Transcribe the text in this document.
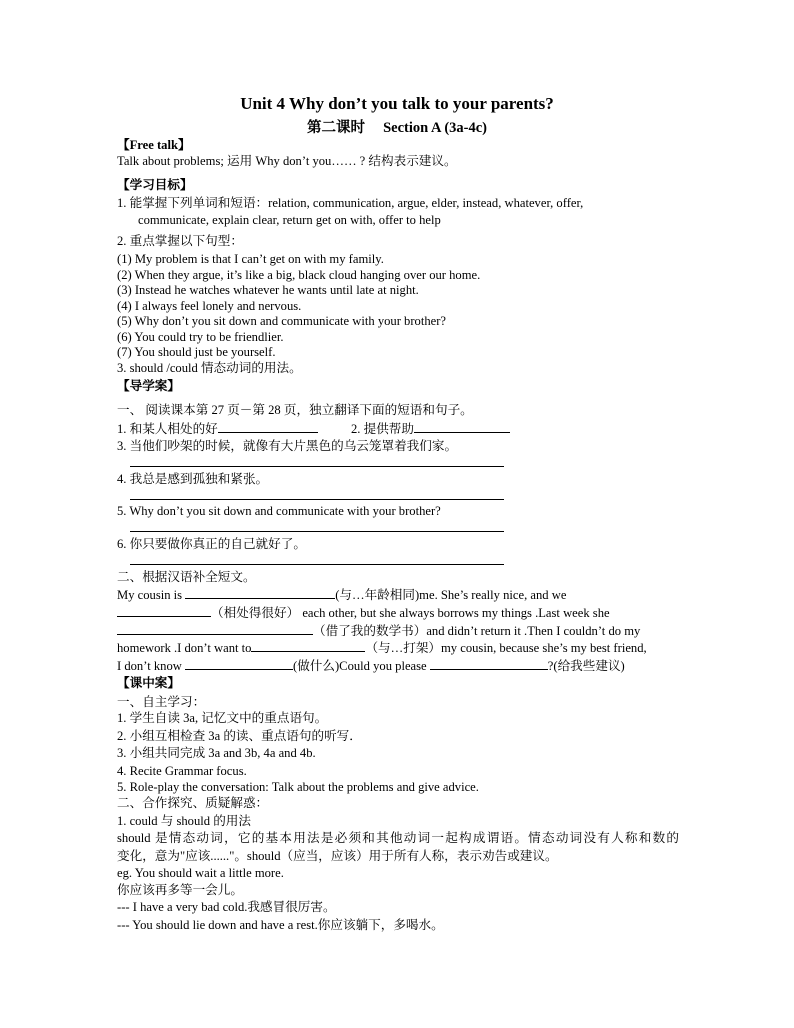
Unit 4 Why don’t you talk to your parents?
第二课时　 Section A (3a-4c)
【Free talk】
Talk about problems; 运用 Why don’t you…… ? 结构表示建议。
【学习目标】
1. 能掌握下列单词和短语：relation, communication, argue, elder, instead, whatever, offer,
communicate, explain clear, return get on with, offer to help
2. 重点掌握以下句型：
(1) My problem is that I can’t get on with my family.
(2) When they argue, it’s like a big, black cloud hanging over our home.
(3) Instead he watches whatever he wants until late at night.
(4) I always feel lonely and nervous.
(5) Why don’t you sit down and communicate with your brother?
(6) You could try to be friendlier.
(7) You should just be yourself.
3. should /could 情态动词的用法。
【导学案】
一、 阅读课本第 27 页－第 28 页，独立翻译下面的短语和句子。
1. 和某人相处的好	2. 提供帮助
3. 当他们吵架的时候，就像有大片黑色的乌云笼罩着我们家。
4. 我总是感到孤独和紧张。
5. Why don’t you sit down and communicate with your brother?
6. 你只要做你真正的自己就好了。
二、根据汉语补全短文。
My cousin is	(与…年龄相同)me. She’s really nice, and we
（相处得很好） each other, but she always borrows my things .Last week she
（借了我的数学书）and didn’t return it .Then I couldn’t do my
homework .I don’t want to	（与…打架）my cousin, because she’s my best friend,
I don’t know	(做什么)Could you please	?(给我些建议)
【课中案】
一、自主学习：
1. 学生自读 3a, 记忆文中的重点语句。
2. 小组互相检查 3a 的读、重点语句的听写．
3. 小组共同完成 3a and 3b, 4a and 4b.
4. Recite Grammar focus.
5. Role-play the conversation: Talk about the problems and give advice.
二、合作探究、质疑解惑：
1. could 与 should 的用法
should 是情态动词，它的基本用法是必须和其他动词一起构成谓语。情态动词没有人称和数的
变化，意为"应该......"。should（应当，应该）用于所有人称，表示劝告或建议。
eg. You should wait a little more.
你应该再多等一会儿。
--- I have a very bad cold.我感冒很厉害。
--- You should lie down and have a rest.你应该躺下，多喝水。
